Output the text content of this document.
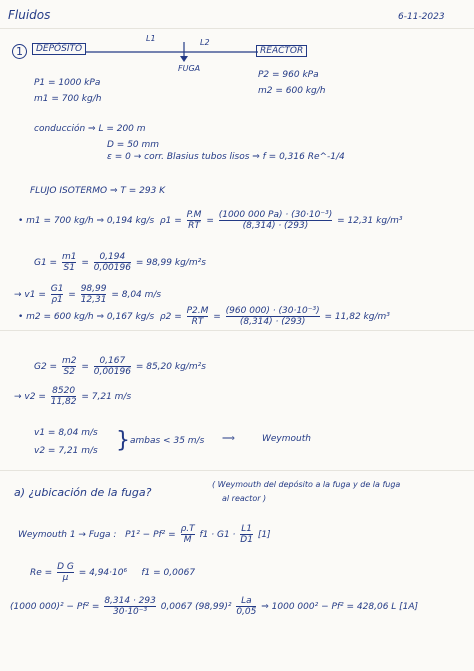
Fluidos	6-11-2023
1	DEPÓSITO	REACTOR
L1	L2
FUGA
P1 = 1000 kPa
m1 = 700 kg/h
P2 = 960 kPa
m2 = 600 kg/h
conducción ⇒ L = 200 m
D = 50 mm
ε = 0 → corr. Blasius tubos lisos ⇒ f = 0,316 Re^-1/4
FLUJO ISOTERMO ⇒ T = 293 K
• m1 = 700 kg/h ⇒ 0,194 kg/s $\rho 1 = \frac{P.M}{RT} = \frac{\text{(1000 000 Pa) · (30·10⁻³)}}{(8,314) \cdot (293)} = 12,31$ kg/m³
$G1 = \frac{m1}{S1} = \frac{0,194}{0,00196} = 98,99$ kg/m²s
→ $v1 = \frac{G1}{\rho 1} = \frac{98,99}{12,31} = 8,04$ m/s
• m2 = 600 kg/h ⇒ 0,167 kg/s $\rho 2 = \frac{P2.M}{RT} = \frac{\text{(960 000) · (30·10⁻³)}}{(8,314) \cdot (293)} = 11,82$ kg/m³
$G2 = \frac{m2}{S2} = \frac{0,167}{0,00196} = 85,20$ kg/m²s
→ $v2 = \frac{8520}{11,82} = 7,21$ m/s
v1 = 8,04 m/s
v2 = 7,21 m/s } ambas < 35 m/s ⟹	Weymouth
a) ¿ubicación de la fuga?
( Weymouth del depósito a la fuga y de la fuga
al reactor )
Weymouth 1 → Fuga : $P1^2 - Pf^2 = \frac{\rho.T}{M} f1 \cdot G1 \cdot \frac{L1}{D1} [1]$
$Re = \frac{\text{D G}}{\mu} = 4,94\cdot 10^6$ f1 = 0,0067
(1000 $000)^2 - Pf^2 = \frac{8,314 \cdot 293}{\text{30·10⁻³}} 0,0067$ $(98,99)^2 \frac{Lа}{0,05}$ ⇒ 1000 000² − Pf² = 428,06 L [1A]
